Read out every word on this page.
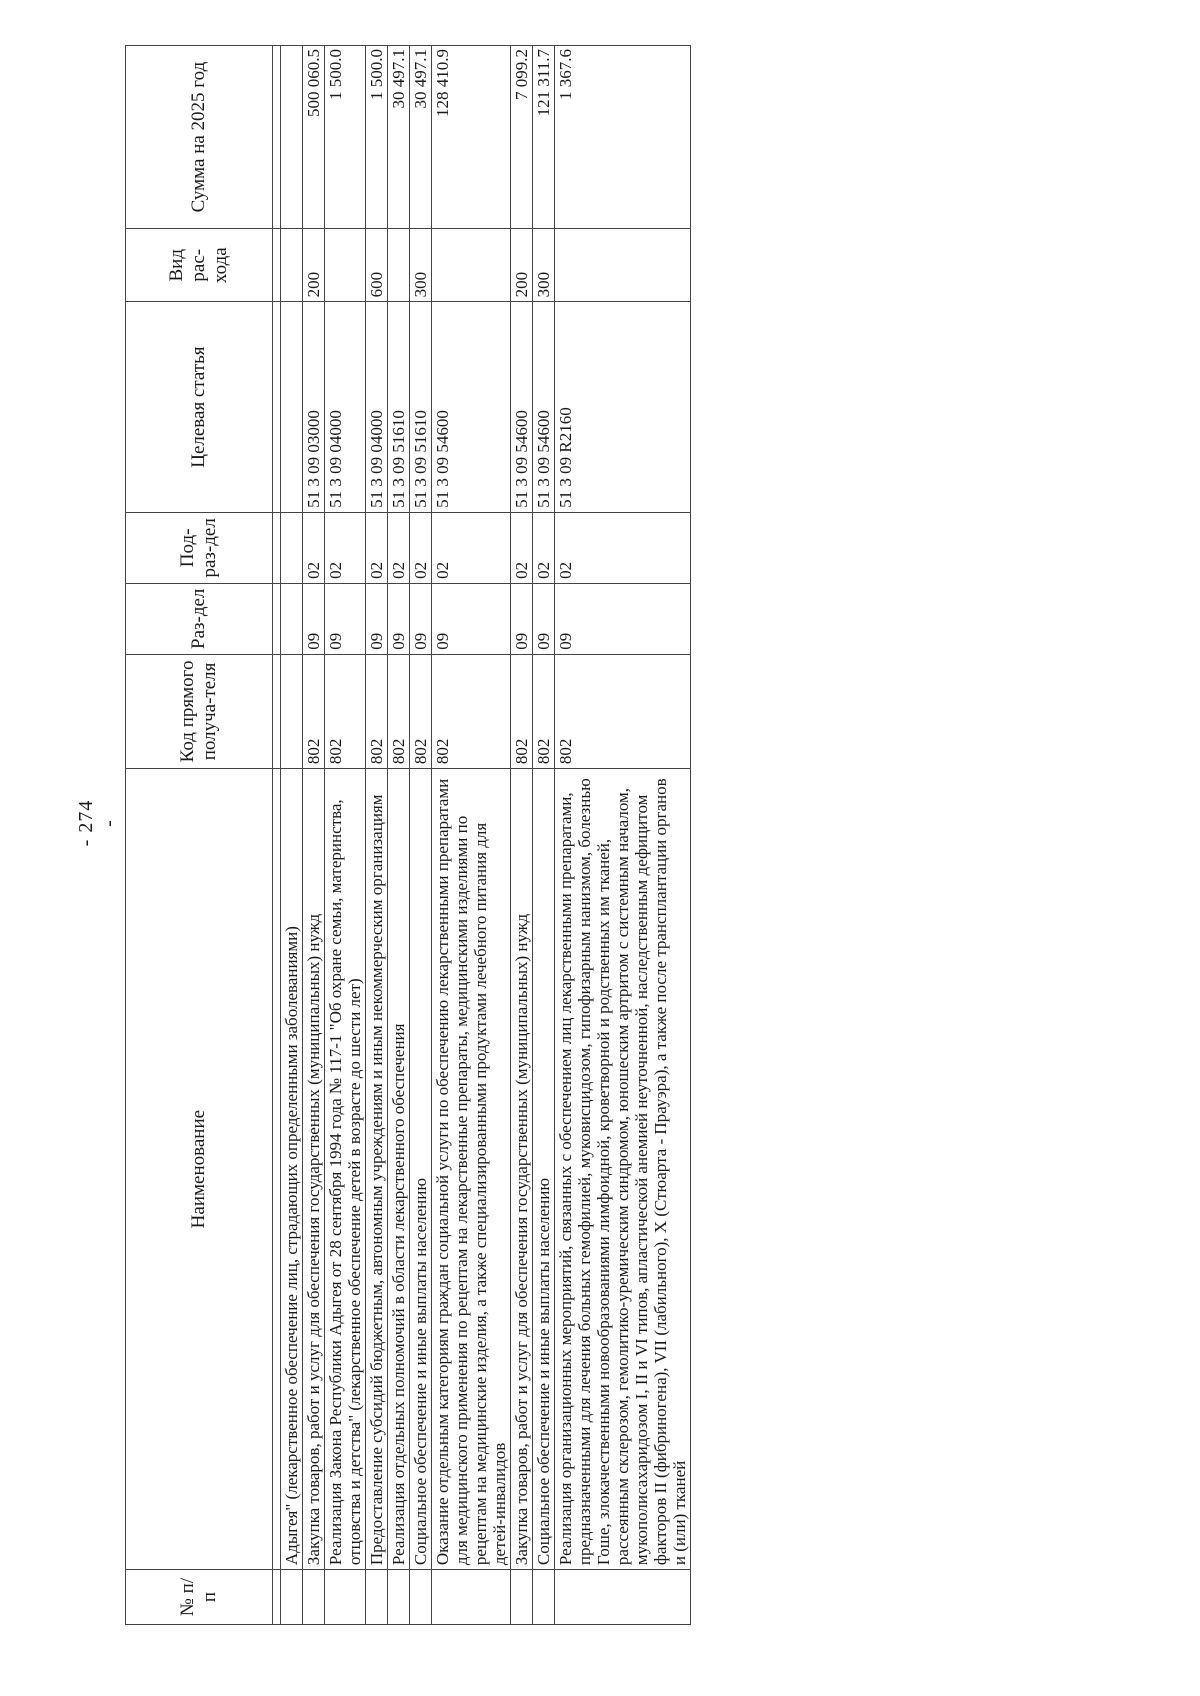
- 274 -
№ п/п	Наименование	Код прямого получа-теля	Раз-дел	Под-раз-дел	Целевая статья	Вид рас-хода	Сумма на 2025 год

	Адыгея" (лекарственное обеспечение лиц, страдающих определенными заболеваниями)						
	Закупка товаров, работ и услуг для обеспечения государственных (муниципальных) нужд	802	09	02	51 3 09 03000	200	500 060.5
	Реализация Закона Республики Адыгея от 28 сентября 1994 года № 117-1 "Об охране семьи, материнства, отцовства и детства" (лекарственное обеспечение детей в возрасте до шести лет)	802	09	02	51 3 09 04000		1 500.0
	Предоставление субсидий бюджетным, автономным учреждениям и иным некоммерческим организациям	802	09	02	51 3 09 04000	600	1 500.0
	Реализация отдельных полномочий в области лекарственного обеспечения	802	09	02	51 3 09 51610		30 497.1
	Социальное обеспечение и иные выплаты населению	802	09	02	51 3 09 51610	300	30 497.1
	Оказание отдельным категориям граждан социальной услуги по обеспечению лекарственными препаратами для медицинского применения по рецептам на лекарственные препараты, медицинскими изделиями по рецептам на медицинские изделия, а также специализированными продуктами лечебного питания для детей-инвалидов	802	09	02	51 3 09 54600		128 410.9
	Закупка товаров, работ и услуг для обеспечения государственных (муниципальных) нужд	802	09	02	51 3 09 54600	200	7 099.2
	Социальное обеспечение и иные выплаты населению	802	09	02	51 3 09 54600	300	121 311.7
	Реализация организационных мероприятий, связанных с обеспечением лиц лекарственными препаратами, предназначенными для лечения больных гемофилией, муковисцидозом, гипофизарным нанизмом, болезнью Гоше, злокачественными новообразованиями лимфоидной, кроветворной и родственных им тканей, рассеянным склерозом, гемолитико-уремическим синдромом, юношеским артритом с системным началом, мукополисахаридозом I, II и VI типов, апластической анемией неуточненной, наследственным дефицитом факторов II (фибриногена), VII (лабильного), X (Стюарта - Прауэра), а также после трансплантации органов и (или) тканей	802	09	02	51 3 09 R2160		1 367.6
